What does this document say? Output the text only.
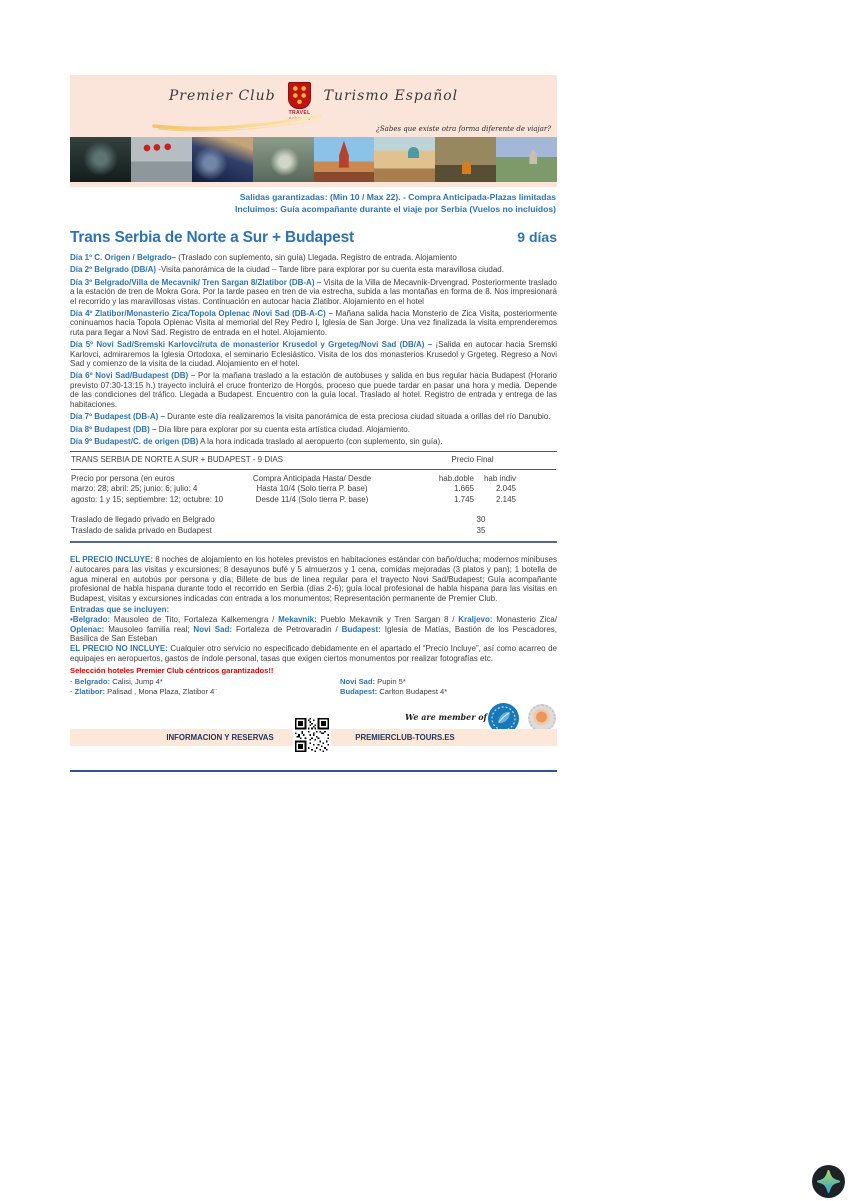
Premier Club
TRAVEL
Solutions
Turismo Español
¿Sabes que existe otra forma diferente de viajar?
Salidas garantizadas: (Min 10 / Max 22). - Compra Anticipada-Plazas limitadas
Incluimos: Guía acompañante durante el viaje por Serbia (Vuelos no incluidos)
Trans Serbia de Norte a Sur + Budapest	9 días

Día 1º C. Origen / Belgrado– (Traslado con suplemento, sin guía) Llegada. Registro de entrada. Alojamiento

Día 2º Belgrado (DB/A) -Visita panorámica de la ciudad – Tarde libre para explorar por su cuenta esta maravillosa ciudad.

Día 3º Belgrado/Villa de Mecavnik/ Tren Sargan 8/Zlatibor (DB-A) – Visita de la Villa de Mecavnik-Drvengrad. Posteriormente traslado a la estación de tren de Mokra Gora. Por la tarde paseo en tren de via estrecha, subida a las montañas en forma de 8. Nos impresionará el recorrido y las maravillosas vistas. Continuación en autocar hacia Zlatibor. Alojamiento en el hotel

Día 4º Zlatibor/Monasterio Zica/Topola Oplenac /Novi Sad (DB-A-C) – Mañana salida hacia Monsterio de Zica Visita, posteriormente coninuamos hacia Topola Oplenac Visita al memorial del Rey Pedro I, Iglesia de San Jorge. Una vez finalizada la visita emprenderemos ruta para llegar a Novi Sad. Registro de entrada en el hotel. Alojamiento.

Día 5º Novi Sad/Sremski Karlovci/ruta de monasterior Krusedol y Grgeteg/Novi Sad (DB/A) – ¡Salida en autocar hacia Sremski Karlovci, admiraremos la Iglesia Ortodoxa, el seminario Eclesiástico. Visita de los dos monasterios Krusedol y Grgeteg. Regreso a Novi Sad y comienzo de la visita de la ciudad. Alojamiento en el hotel.

Día 6º Novi Sad/Budapest (DB) – Por la mañana traslado a la estación de autobuses y salida en bus regular hacia Budapest (Horario previsto 07:30-13:15 h.) trayecto incluirá el cruce fronterizo de Horgós, proceso que puede tardar en pasar una hora y media. Depende de las condiciones del tráfico. Llegada a Budapest. Encuentro con la guía local. Traslado al hotel. Registro de entrada y entrega de las habitaciones.

Día 7º Budapest (DB-A) – Durante este día realizaremos la visita panorámica de esta preciosa ciudad situada a orillas del río Danubio.

Día 8º Budapest (DB) – Día libre para explorar por su cuenta esta artística ciudad. Alojamiento.

Día 9º Budapest/C. de origen (DB) A la hora indicada traslado al aeropuerto (con suplemento, sin guía).

TRANS SERBIA DE NORTE A SUR + BUDAPEST - 9 DIAS	Precio Final
Precio por persona (en euros	Compra Anticipada Hasta/ Desde	hab.doble	hab indiv
marzo: 28; abril: 25; junio: 6; julio: 4	Hasta 10/4 (Solo tierra P. base)	1.665	2.045
agosto: 1 y 15; septiembre: 12; octubre: 10	Desde 11/4 (Solo tierra P. base)	1.745	2.145
Traslado de llegado privado en Belgrado	30
Traslado de salida privado en Budapest	35

EL PRECIO INCLUYE: 8 noches de alojamiento en los hoteles previstos en habitaciones estándar con baño/ducha; modernos minibuses / autocares para las visitas y excursiones; 8 desayunos bufé y 5 almuerzos y 1 cena, comidas mejoradas (3 platos y pan); 1 botella de agua mineral en autobús por persona y día; Billete de bus de linea regular para el trayecto Novi Sad/Budapest; Guía acompañante profesional de habla hispana durante todo el recorrido en Serbia (días 2-6); guía local profesional de habla hispana para las visitas en Budapest, visitas y excursiones indicadas con entrada a los monumentos; Representación permanente de Premier Club.

Entradas que se incluyen:

•Belgrado: Mausoleo de Tito, Fortaleza Kalkemengra / Mekavnik: Pueblo Mekavnik y Tren Sargan 8 / Kraljevo: Monasterio Zica/ Oplenac: Mausoleo familia real; Novi Sad: Fortaleza de Petrovaradin / Budapest: Iglesia de Matías, Bastión de los Pescadores, Basílica de San Esteban

EL PRECIO NO INCLUYE: Cualquier otro servicio no especificado debidamente en el apartado el “Precio Incluye”, así como acarreo de equipajes en aeropuertos, gastos de índole personal, tasas que exigen ciertos monumentos por realizar fotografías etc.

Selección hoteles Premier Club céntricos garantizados!!

· Belgrado: Calisi, Jump 4*	Novi Sad: Pupin 5*
· Zlatibor: Palisad , Mona Plaza, Zlatibor 4¨	Budapest: Carlton Budapest 4*
We are member of
INFORMACION Y RESERVAS	PREMIERCLUB-TOURS.ES
